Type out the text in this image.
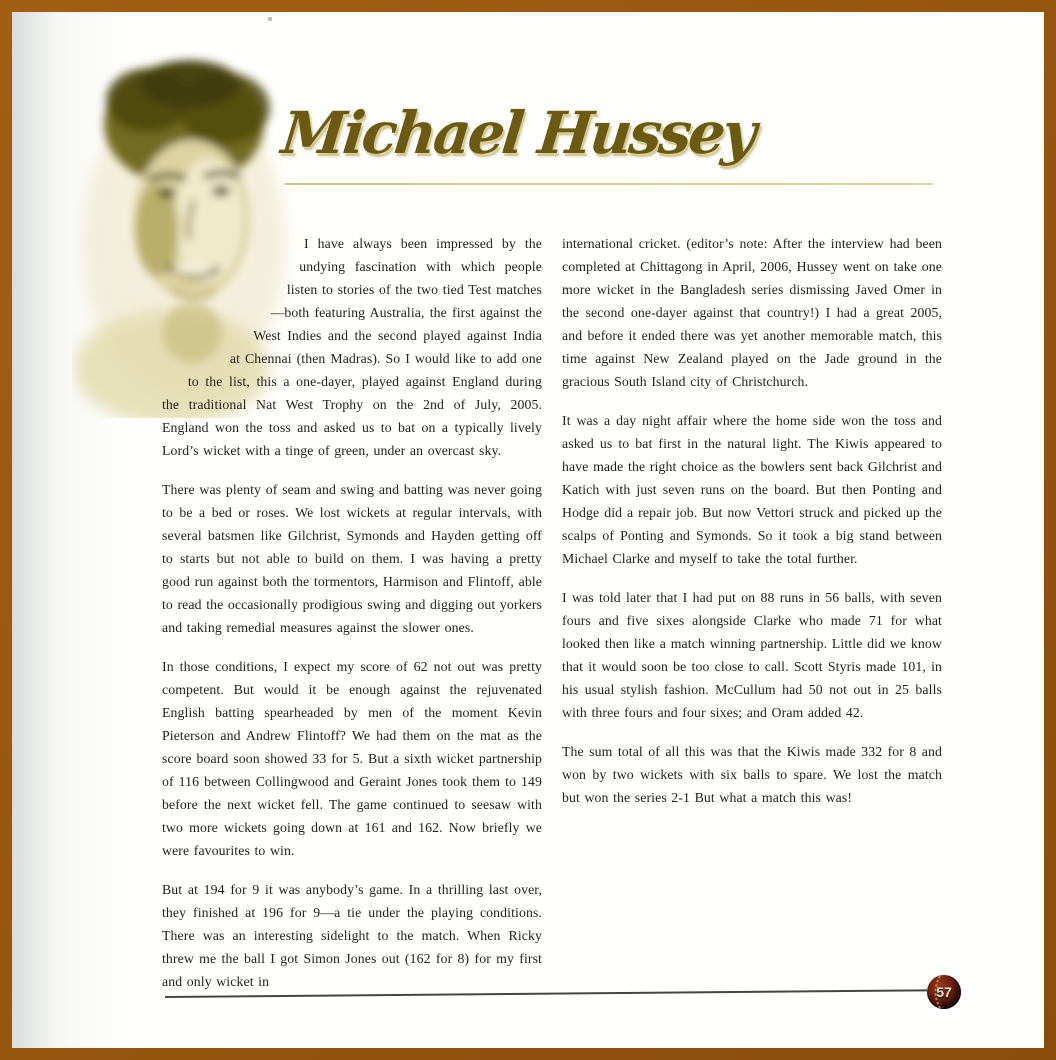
Michael Hussey

I have always been impressed by the undying fascination with which people listen to stories of the two tied Test matches—both featuring Australia, the first against the West Indies and the second played against India at Chennai (then Madras). So I would like to add one to the list, this a one-dayer, played against England during the traditional Nat West Trophy on the 2nd of July, 2005. England won the toss and asked us to bat on a typically lively Lord’s wicket with a tinge of green, under an overcast sky.

There was plenty of seam and swing and batting was never going to be a bed or roses. We lost wickets at regular intervals, with several batsmen like Gilchrist, Symonds and Hayden getting off to starts but not able to build on them. I was having a pretty good run against both the tormentors, Harmison and Flintoff, able to read the occasionally prodigious swing and digging out yorkers and taking remedial measures against the slower ones.

In those conditions, I expect my score of 62 not out was pretty competent. But would it be enough against the rejuvenated English batting spearheaded by men of the moment Kevin Pieterson and Andrew Flintoff? We had them on the mat as the score board soon showed 33 for 5. But a sixth wicket partnership of 116 between Collingwood and Geraint Jones took them to 149 before the next wicket fell. The game continued to seesaw with two more wickets going down at 161 and 162. Now briefly we were favourites to win.

But at 194 for 9 it was anybody’s game. In a thrilling last over, they finished at 196 for 9—a tie under the playing conditions. There was an interesting sidelight to the match. When Ricky threw me the ball I got Simon Jones out (162 for 8) for my first and only wicket in

international cricket. (editor’s note: After the interview had been completed at Chittagong in April, 2006, Hussey went on take one more wicket in the Bangladesh series dismissing Javed Omer in the second one-dayer against that country!) I had a great 2005, and before it ended there was yet another memorable match, this time against New Zealand played on the Jade ground in the gracious South Island city of Christchurch.

It was a day night affair where the home side won the toss and asked us to bat first in the natural light. The Kiwis appeared to have made the right choice as the bowlers sent back Gilchrist and Katich with just seven runs on the board. But then Ponting and Hodge did a repair job. But now Vettori struck and picked up the scalps of Ponting and Symonds. So it took a big stand between Michael Clarke and myself to take the total further.

I was told later that I had put on 88 runs in 56 balls, with seven fours and five sixes alongside Clarke who made 71 for what looked then like a match winning partnership. Little did we know that it would soon be too close to call. Scott Styris made 101, in his usual stylish fashion. McCullum had 50 not out in 25 balls with three fours and four sixes; and Oram added 42.

The sum total of all this was that the Kiwis made 332 for 8 and won by two wickets with six balls to spare. We lost the match but won the series 2-1 But what a match this was!

57
